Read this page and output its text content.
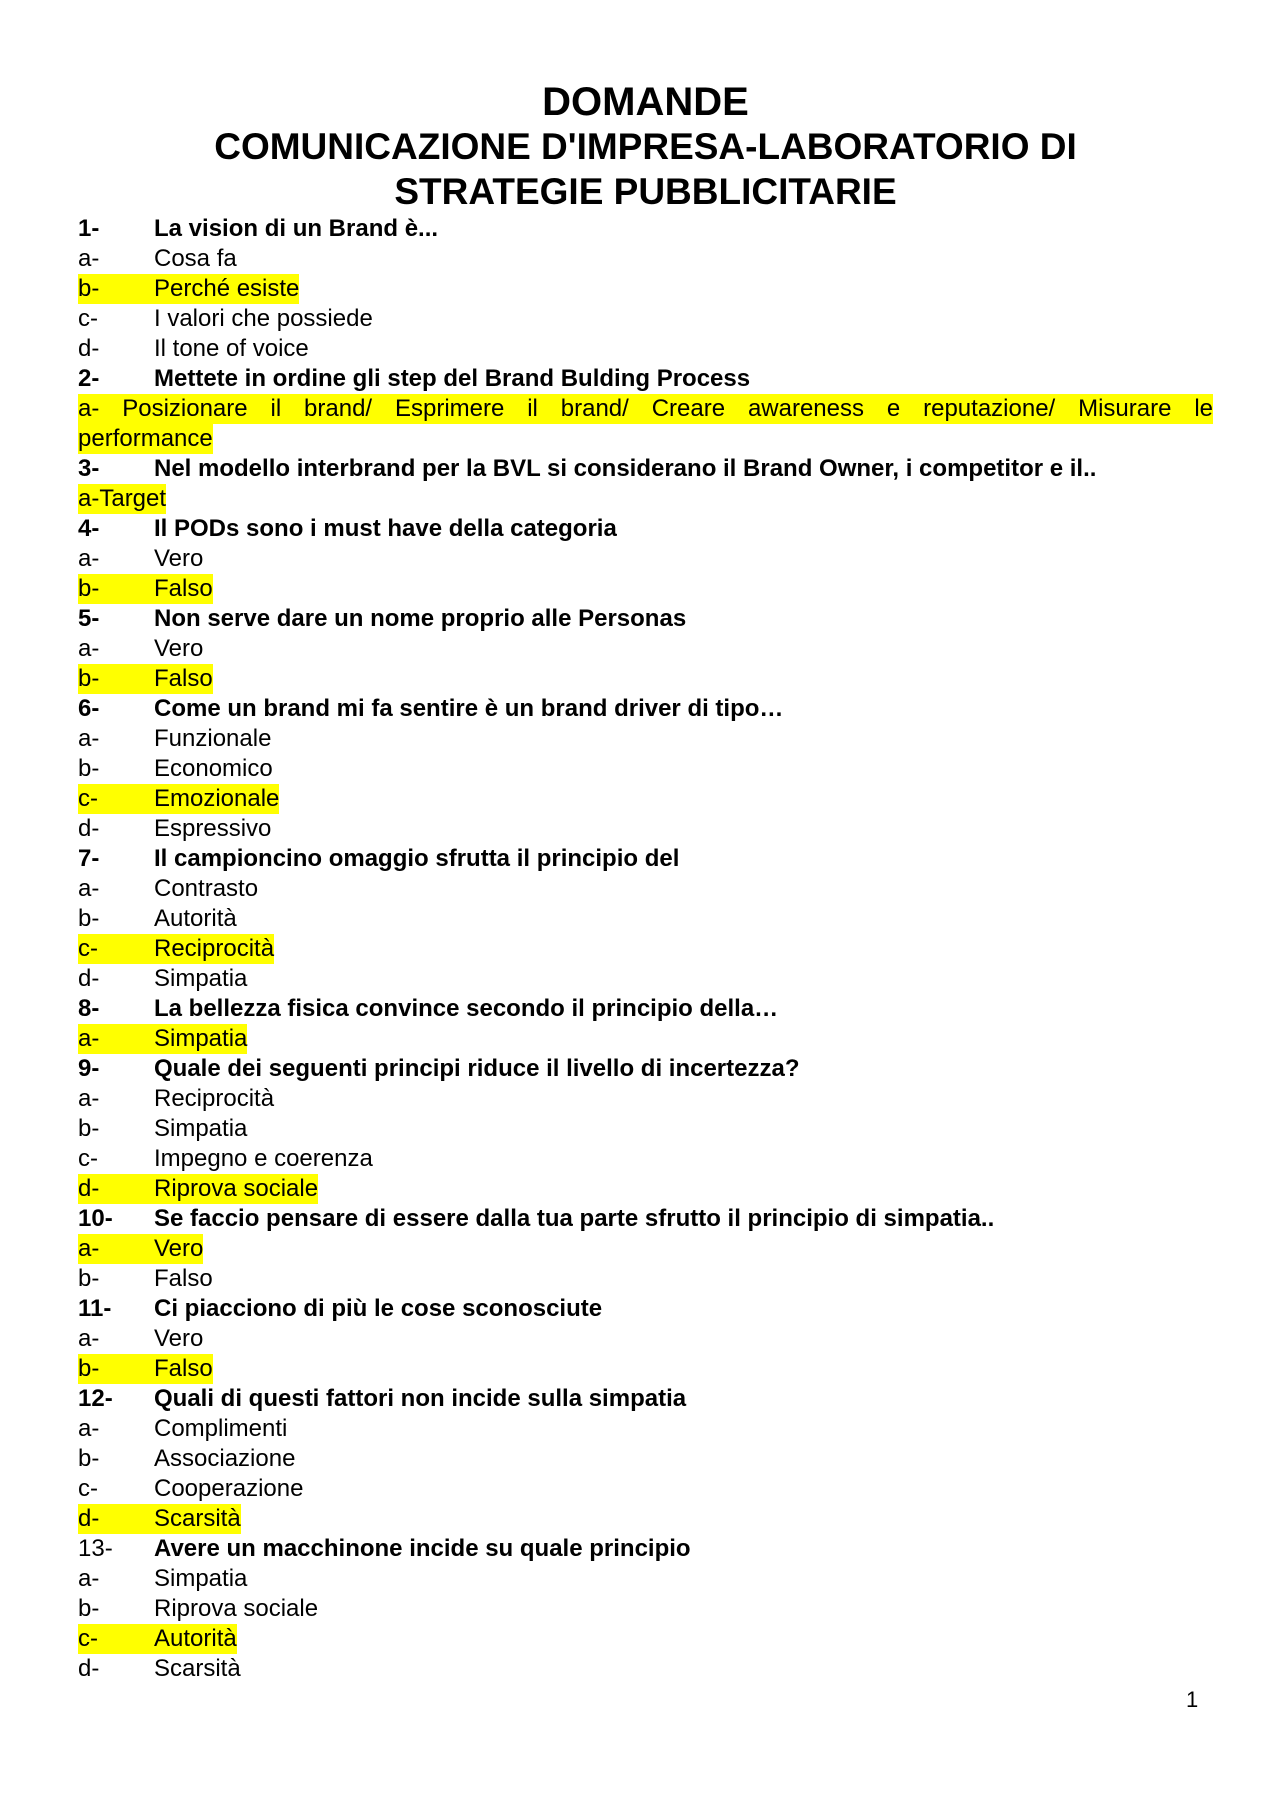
DOMANDE
COMUNICAZIONE D'IMPRESA-LABORATORIO DI
STRATEGIE PUBBLICITARIE
1-	La vision di un Brand è...
a-	Cosa fa
b-	Perché esiste
c-	I valori che possiede
d-	Il tone of voice
2-	Mettete in ordine gli step del Brand Bulding Process
a- Posizionare il brand/ Esprimere il brand/ Creare awareness e reputazione/ Misurare le
performance
3-	Nel modello interbrand per la BVL si considerano il Brand Owner, i competitor e il..
a-Target
4-	Il PODs sono i must have della categoria
a-	Vero
b-	Falso
5-	Non serve dare un nome proprio alle Personas
a-	Vero
b-	Falso
6-	Come un brand mi fa sentire è un brand driver di tipo…
a-	Funzionale
b-	Economico
c-	Emozionale
d-	Espressivo
7-	Il campioncino omaggio sfrutta il principio del
a-	Contrasto
b-	Autorità
c-	Reciprocità
d-	Simpatia
8-	La bellezza fisica convince secondo il principio della…
a-	Simpatia
9-	Quale dei seguenti principi riduce il livello di incertezza?
a-	Reciprocità
b-	Simpatia
c-	Impegno e coerenza
d-	Riprova sociale
10-	Se faccio pensare di essere dalla tua parte sfrutto il principio di simpatia..
a-	Vero
b-	Falso
11-	Ci piacciono di più le cose sconosciute
a-	Vero
b-	Falso
12-	Quali di questi fattori non incide sulla simpatia
a-	Complimenti
b-	Associazione
c-	Cooperazione
d-	Scarsità
13-	Avere un macchinone incide su quale principio
a-	Simpatia
b-	Riprova sociale
c-	Autorità
d-	Scarsità
1
